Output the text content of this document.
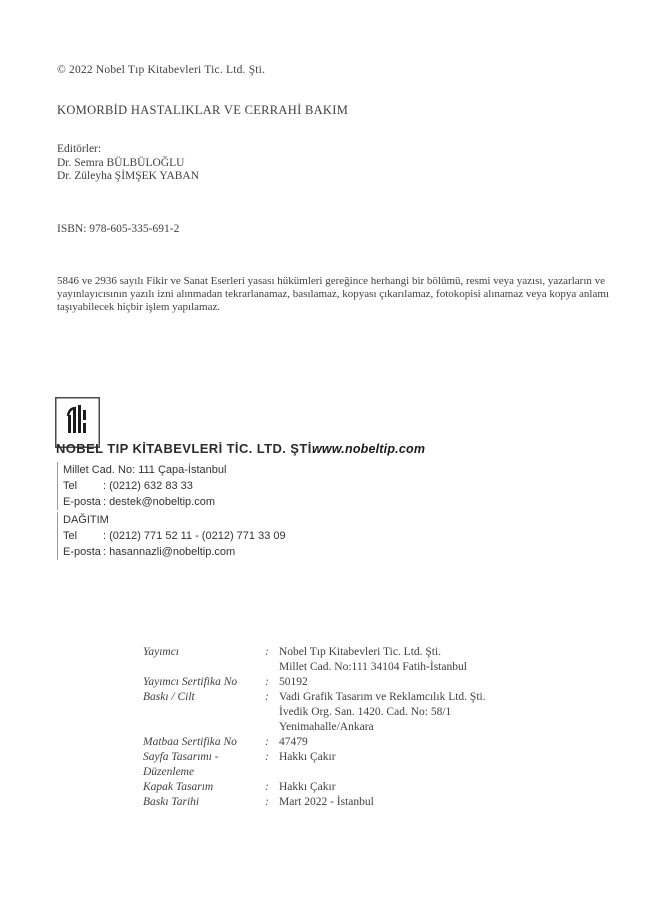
© 2022 Nobel Tıp Kitabevleri Tic. Ltd. Şti.
KOMORBİD HASTALIKLAR VE CERRAHİ BAKIM
Editörler:
Dr. Semra BÜLBÜLOĞLU
Dr. Züleyha ŞİMŞEK YABAN
ISBN: 978-605-335-691-2
5846 ve 2936 sayılı Fikir ve Sanat Eserleri yasası hükümleri gereğince herhangi bir bölümü, resmi veya yazısı, yazarların ve
yayınlayıcısının yazılı izni alınmadan tekrarlanamaz, basılamaz, kopyası çıkarılamaz, fotokopisi alınamaz veya kopya anlamı
taşıyabilecek hiçbir işlem yapılamaz.
NOBEL TIP KİTABEVLERİ TİC. LTD. ŞTİ.
www.nobeltip.com
Millet Cad. No: 111 Çapa-İstanbul
Tel : (0212) 632 83 33
E-posta : destek@nobeltip.com
DAĞITIM
Tel : (0212) 771 52 11 - (0212) 771 33 09
E-posta : hasannazli@nobeltip.com
Yayımcı	: Nobel Tıp Kitabevleri Tic. Ltd. Şti.
Millet Cad. No:111 34104 Fatih-İstanbul
Yayımcı Sertifika No	: 50192
Baskı / Cilt	: Vadi Grafik Tasarım ve Reklamcılık Ltd. Şti.
İvedik Org. San. 1420. Cad. No: 58/1
Yenimahalle/Ankara
Matbaa Sertifika No	: 47479
Sayfa Tasarımı - Düzenleme
: Hakkı Çakır
Kapak Tasarım	: Hakkı Çakır
Baskı Tarihi	: Mart 2022 - İstanbul
